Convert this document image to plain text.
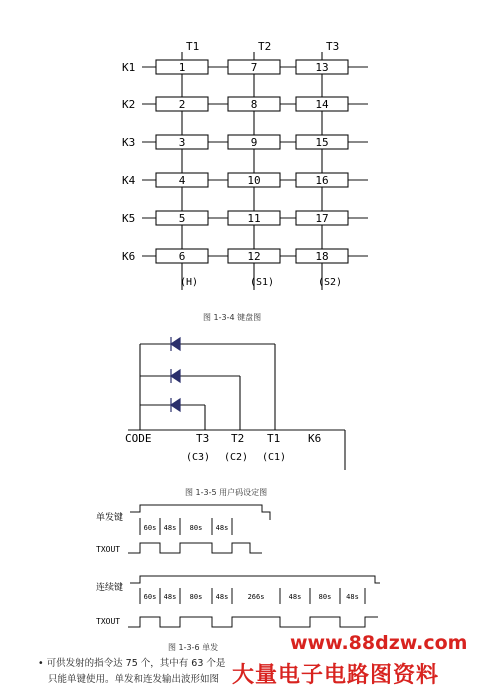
K1	1	7	13
K2	2	8	14
K3	3	9	15
K4	4	10	16
K5	5	11	17
K6	6	12	18
T1	T2	T3
(H)	(S1)	(S2)
CODE	T3 T2 T1	K6
(C3) (C2) (C1)
60s 48s 80s 48s
60s 48s 80s 48s	266s	48s 80s 48s
单发键
TXOUT
连续键
TXOUT
图 1-3-4 键盘图
图 1-3-5 用户码设定图
图 1-3-6 单发
• 可供发射的指令达 75 个，其中有 63 个是
只能单键使用。单发和连发输出波形如图
www.88dzw.com
大量电子电路图资料
